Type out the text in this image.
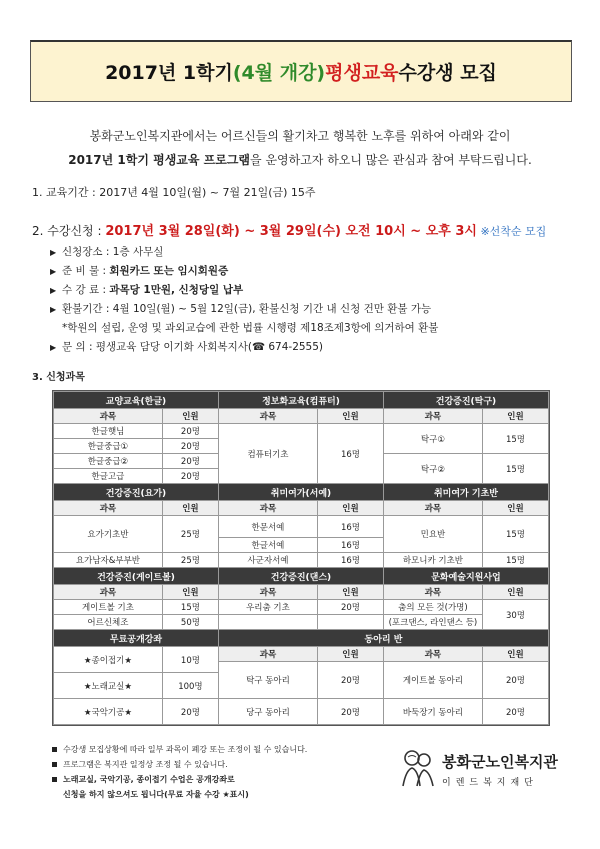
2017년 1학기 (4월 개강) 평생교육 수강생 모집
봉화군노인복지관에서는 어르신들의 활기차고 행복한 노후를 위하여 아래와 같이
2017년 1학기 평생교육 프로그램을 운영하고자 하오니 많은 관심과 참여 부탁드립니다.
1. 교육기간 : 2017년 4월 10일(월) ~ 7월 21일(금) 15주
2. 수강신청 : 2017년 3월 28일(화) ~ 3월 29일(수) 오전 10시 ~ 오후 3시 ※선착순 모집
▶ 신청장소 : 1층 사무실
▶ 준 비 물 : 회원카드 또는 임시회원증
▶ 수 강 료 : 과목당 1만원, 신청당일 납부
▶ 환불기간 : 4월 10일(월) ~ 5월 12일(금), 환불신청 기간 내 신청 건만 환불 가능
*학원의 설립, 운영 및 과외교습에 관한 법률 시행령 제18조제3항에 의거하여 환불
▶ 문 의 : 평생교육 담당 이기화 사회복지사(☎ 674-2555)
3. 신청과목
교양교육(한글)		정보화교육(컴퓨터)		건강증진(탁구)	
과목	인원	과목	인원	과목	인원
한글햇님	20명	컴퓨터기초	16명	탁구①	15명
한글중급①	20명				
한글중급②	20명			탁구②	15명
한글고급	20명				
건강증진(요가)		취미여가(서예)		취미여가 기초반	
과목	인원	과목	인원	과목	인원
요가기초반	25명	한문서예	16명	민요반	15명
		한글서예	16명		
요가남자&부부반	25명	사군자서예	16명	하모니카 기초반	15명
건강증진(게이트볼)		건강증진(댄스)		문화예술지원사업	
과목	인원	과목	인원	과목	인원
게이트볼 기초	15명	우리춤 기초	20명	춤의 모든 것(가명)	30명
어르신체조	50명			(포크댄스, 라인댄스 등)	
무료공개강좌		동아리 반			
★종이접기★	10명	과목	인원	과목	인원
		탁구 동아리	20명	게이트볼 동아리	20명
★노래교실★	100명				
★국악기공★	20명	당구 동아리	20명	바둑장기 동아리	20명
수강생 모집상황에 따라 일부 과목이 폐강 또는 조정이 될 수 있습니다.
프로그램은 복지관 일정상 조정 될 수 있습니다.
노래교실, 국악기공, 종이접기 수업은 공개강좌로
신청을 하지 않으셔도 됩니다(무료 자율 수강 ★표시)
봉화군노인복지관
이렌드복지재단
